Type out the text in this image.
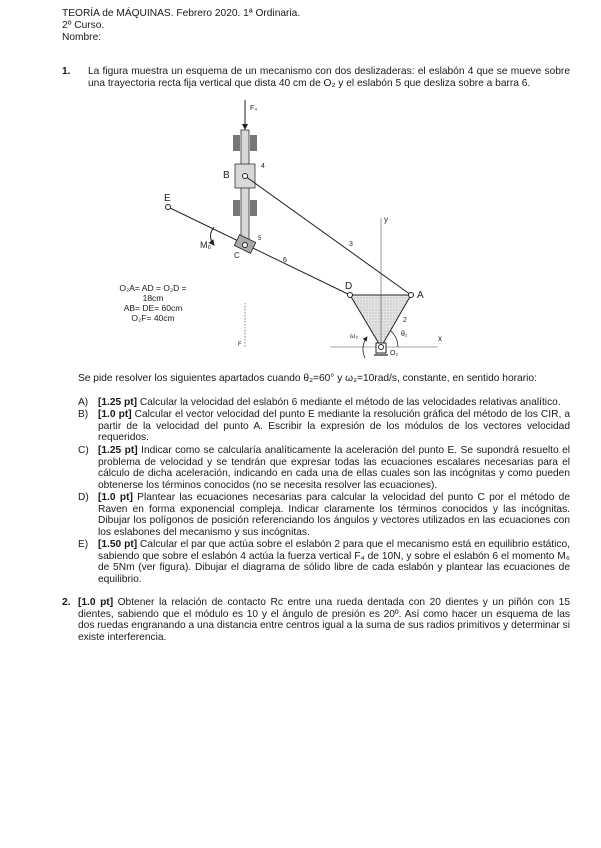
TEORÍA de MÁQUINAS. Febrero 2020. 1ª Ordinaria.
2º Curso.
Nombre:
1. La figura muestra un esquema de un mecanismo con dos deslizaderas: el eslabón 4 que se mueve sobre una trayectoria recta fija vertical que dista 40 cm de O₂ y el eslabón 5 que desliza sobre a barra 6.
F₄
4
B
3
6
E
5
C
M₆
2
D
A
y
x
O₂
ω₂	θ₂
F
O₂A= AD = O₂D = 18cm
AB= DE= 60cm
O₂F= 40cm
Se pide resolver los siguientes apartados cuando θ₂=60° y ω₂=10rad/s, constante, en sentido horario:
A) [1.25 pt] Calcular la velocidad del eslabón 6 mediante el método de las velocidades relativas analítico.
B) [1.0 pt] Calcular el vector velocidad del punto E mediante la resolución gráfica del método de los CIR, a partir de la velocidad del punto A. Escribir la expresión de los módulos de los vectores velocidad requeridos.
C) [1.25 pt] Indicar como se calcularía analíticamente la aceleración del punto E. Se supondrá resuelto el problema de velocidad y se tendrán que expresar todas las ecuaciones escalares necesarias para el cálculo de dicha aceleración, indicando en cada una de ellas cuales son las incógnitas y como pueden obtenerse los términos conocidos (no se necesita resolver las ecuaciones).
D) [1.0 pt] Plantear las ecuaciones necesarias para calcular la velocidad del punto C por el método de Raven en forma exponencial compleja. Indicar claramente los términos conocidos y las incógnitas. Dibujar los polígonos de posición referenciando los ángulos y vectores utilizados en las ecuaciones con los eslabones del mecanismo y sus incógnitas.
E) [1.50 pt] Calcular el par que actúa sobre el eslabón 2 para que el mecanismo está en equilibrio estático, sabiendo que sobre el eslabón 4 actúa la fuerza vertical F₄ de 10N, y sobre el eslabón 6 el momento M₆ de 5Nm (ver figura). Dibujar el diagrama de sólido libre de cada eslabón y plantear las ecuaciones de equilibrio.
2. [1.0 pt] Obtener la relación de contacto Rc entre una rueda dentada con 20 dientes y un piñón con 15 dientes, sabiendo que el módulo es 10 y el ángulo de presión es 20º. Así como hacer un esquema de las dos ruedas engranando a una distancia entre centros igual a la suma de sus radios primitivos y determinar si existe interferencia.
